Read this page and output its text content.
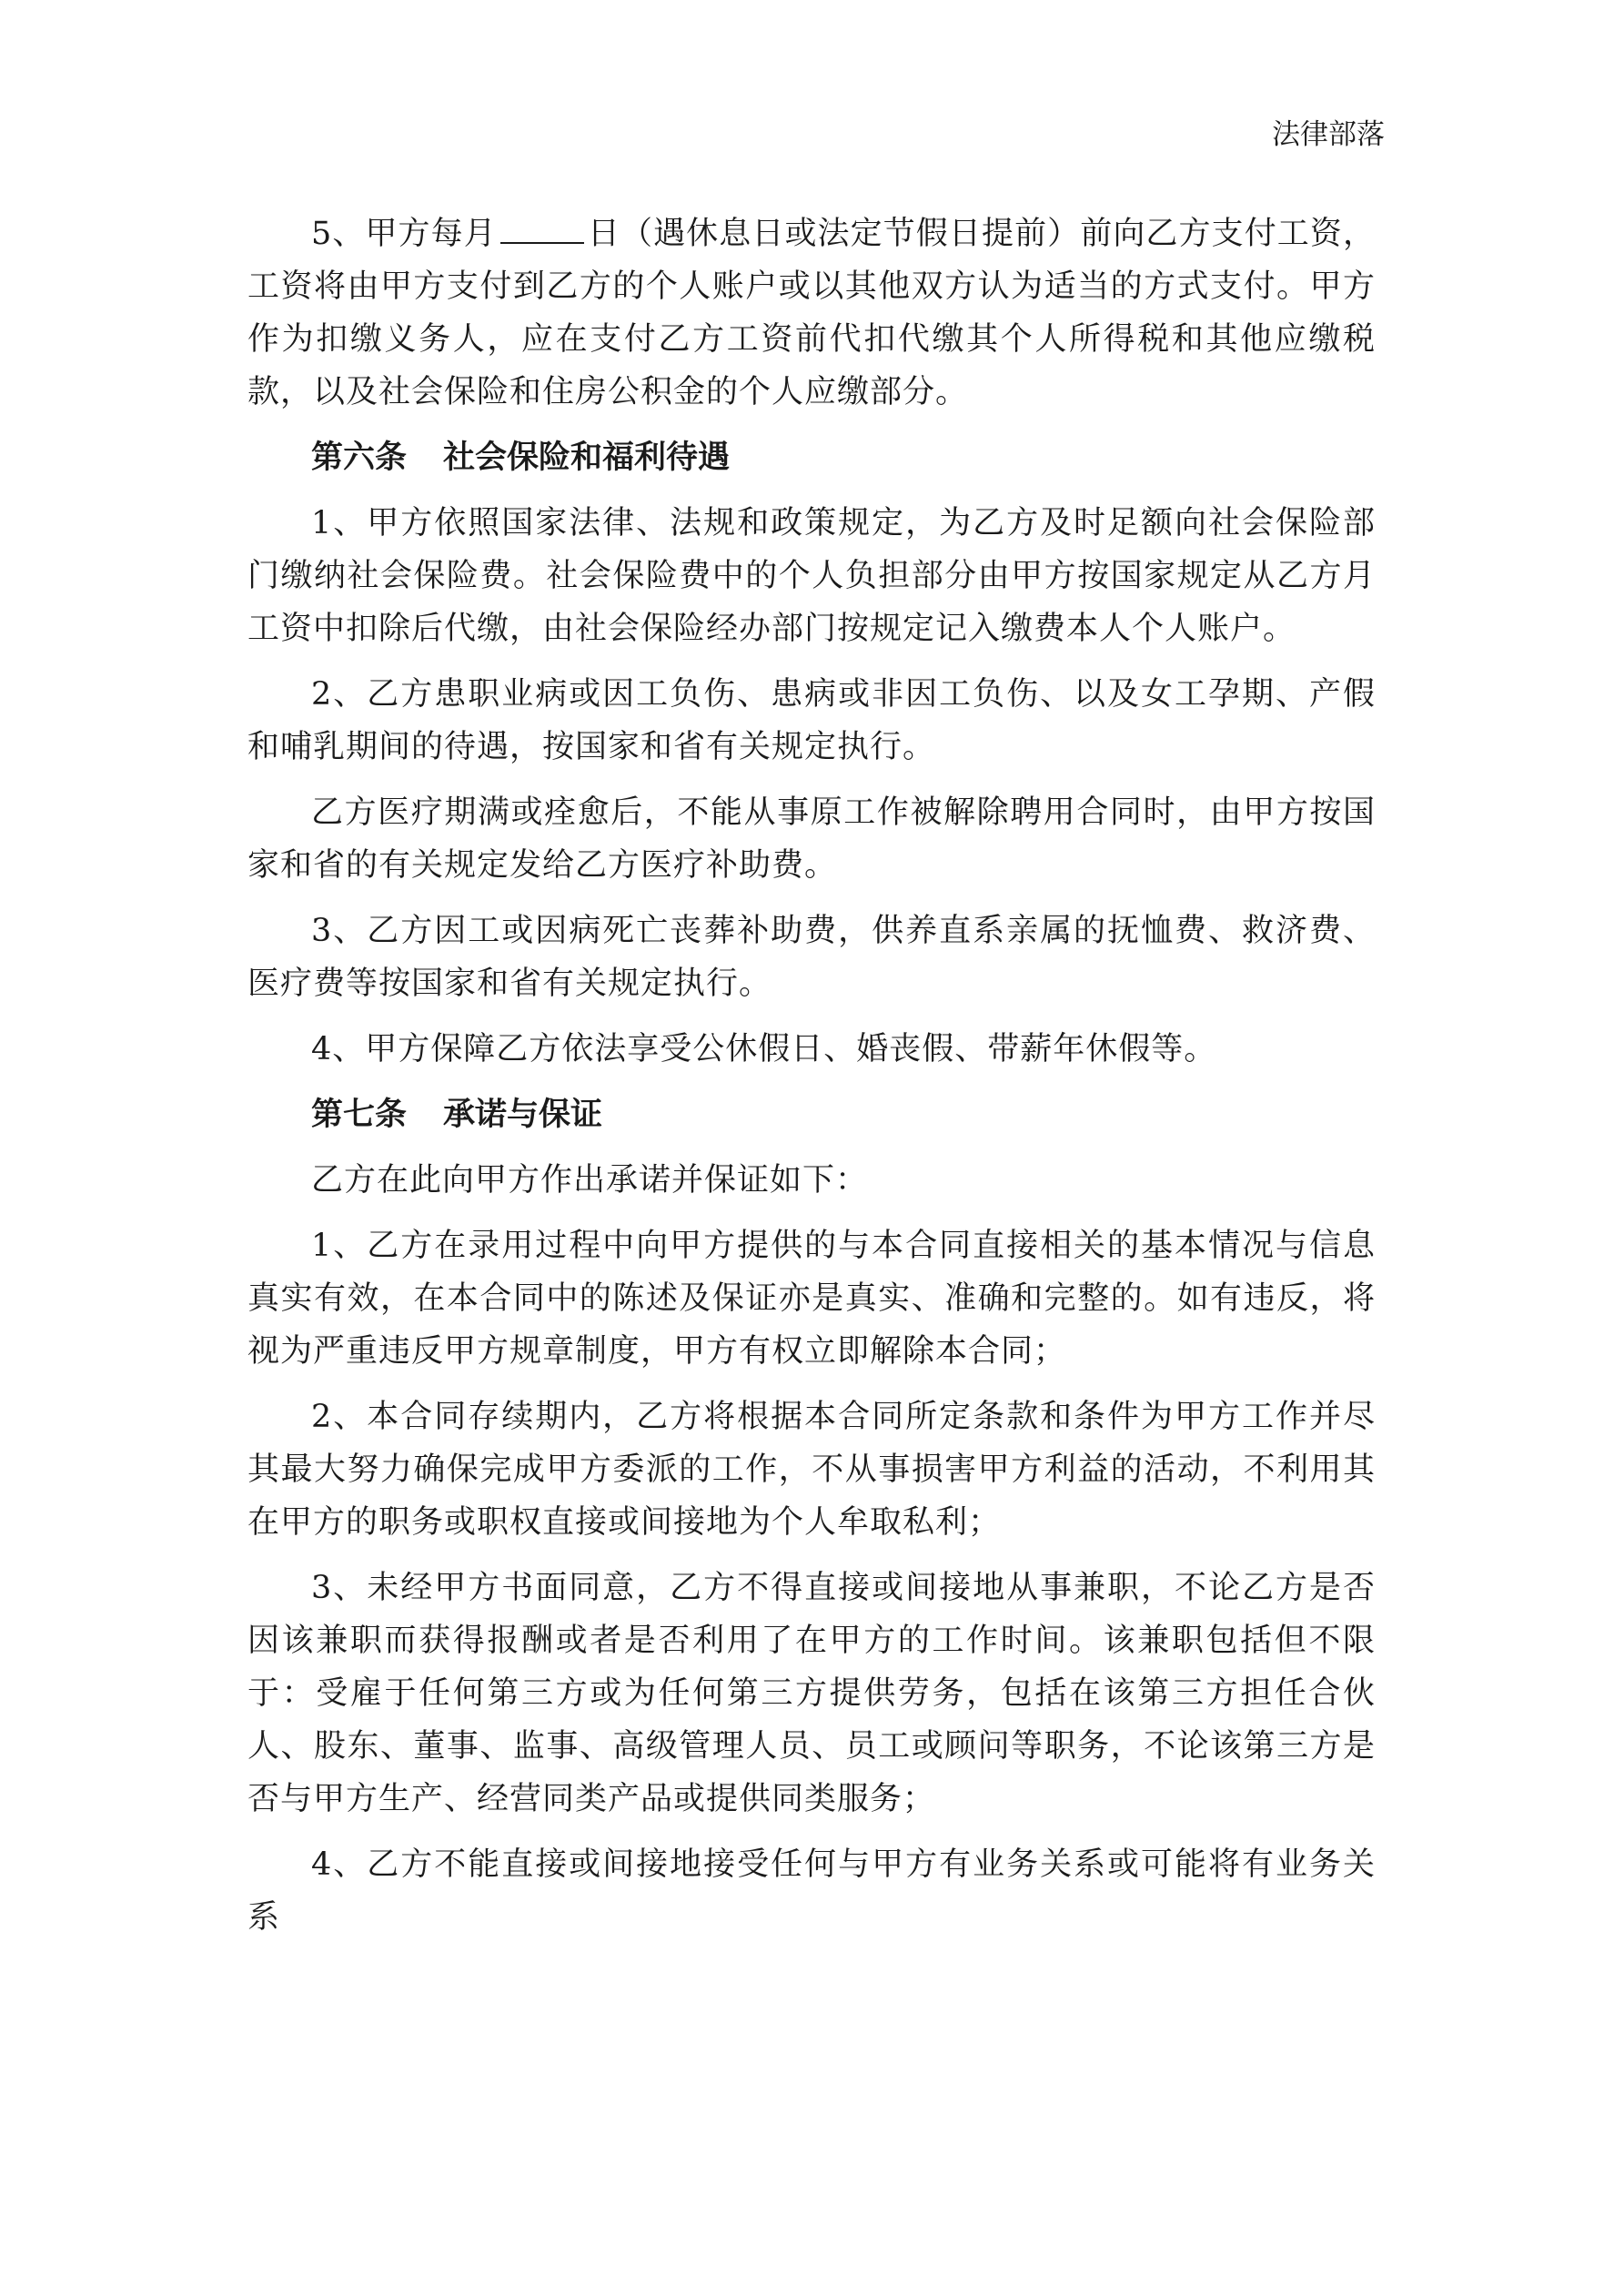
法律部落

5、甲方每月	日（遇休息日或法定节假日提前）前向乙方支付工资，工资将由甲方支付到乙方的个人账户或以其他双方认为适当的方式支付。甲方作为扣缴义务人，应在支付乙方工资前代扣代缴其个人所得税和其他应缴税款，以及社会保险和住房公积金的个人应缴部分。

第六条 社会保险和福利待遇

1、甲方依照国家法律、法规和政策规定，为乙方及时足额向社会保险部门缴纳社会保险费。社会保险费中的个人负担部分由甲方按国家规定从乙方月工资中扣除后代缴，由社会保险经办部门按规定记入缴费本人个人账户。

2、乙方患职业病或因工负伤、患病或非因工负伤、以及女工孕期、产假和哺乳期间的待遇，按国家和省有关规定执行。

乙方医疗期满或痊愈后，不能从事原工作被解除聘用合同时，由甲方按国家和省的有关规定发给乙方医疗补助费。

3、乙方因工或因病死亡丧葬补助费，供养直系亲属的抚恤费、救济费、医疗费等按国家和省有关规定执行。

4、甲方保障乙方依法享受公休假日、婚丧假、带薪年休假等。

第七条 承诺与保证

乙方在此向甲方作出承诺并保证如下：

1、乙方在录用过程中向甲方提供的与本合同直接相关的基本情况与信息真实有效，在本合同中的陈述及保证亦是真实、准确和完整的。如有违反，将视为严重违反甲方规章制度，甲方有权立即解除本合同；

2、本合同存续期内，乙方将根据本合同所定条款和条件为甲方工作并尽其最大努力确保完成甲方委派的工作，不从事损害甲方利益的活动，不利用其在甲方的职务或职权直接或间接地为个人牟取私利；

3、未经甲方书面同意，乙方不得直接或间接地从事兼职，不论乙方是否因该兼职而获得报酬或者是否利用了在甲方的工作时间。该兼职包括但不限于：受雇于任何第三方或为任何第三方提供劳务，包括在该第三方担任合伙人、股东、董事、监事、高级管理人员、员工或顾问等职务，不论该第三方是否与甲方生产、经营同类产品或提供同类服务；

4、乙方不能直接或间接地接受任何与甲方有业务关系或可能将有业务关系
